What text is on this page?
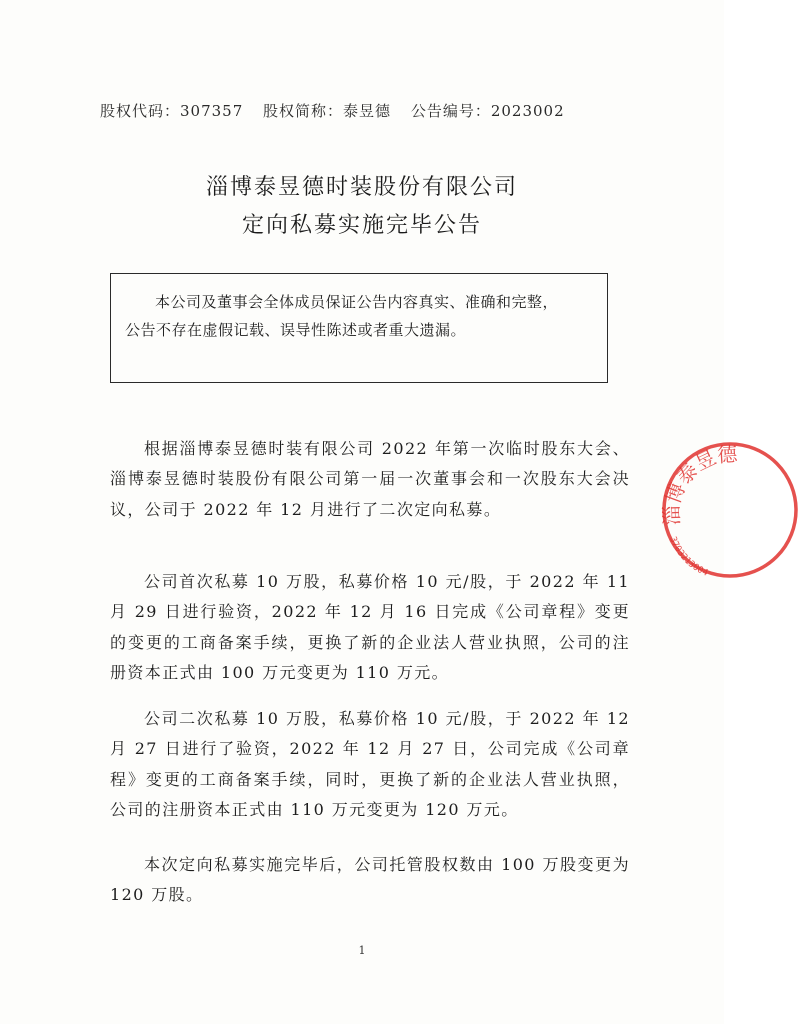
股权代码：307357 股权简称：泰昱德 公告编号：2023002
淄博泰昱德时装股份有限公司
定向私募实施完毕公告
本公司及董事会全体成员保证公告内容真实、准确和完整，
公告不存在虚假记载、误导性陈述或者重大遗漏。

根据淄博泰昱德时装有限公司 2022 年第一次临时股东大会、淄博泰昱德时装股份有限公司第一届一次董事会和一次股东大会决议，公司于 2022 年 12 月进行了二次定向私募。

公司首次私募 10 万股，私募价格 10 元/股，于 2022 年 11 月 29 日进行验资，2022 年 12 月 16 日完成《公司章程》变更的变更的工商备案手续，更换了新的企业法人营业执照，公司的注册资本正式由 100 万元变更为 110 万元。

公司二次私募 10 万股，私募价格 10 元/股，于 2022 年 12 月 27 日进行了验资，2022 年 12 月 27 日，公司完成《公司章程》变更的工商备案手续，同时，更换了新的企业法人营业执照，公司的注册资本正式由 110 万元变更为 120 万元。

本次定向私募实施完毕后，公司托管股权数由 100 万股变更为 120 万股。

1
淄博泰昱德
3703213004
